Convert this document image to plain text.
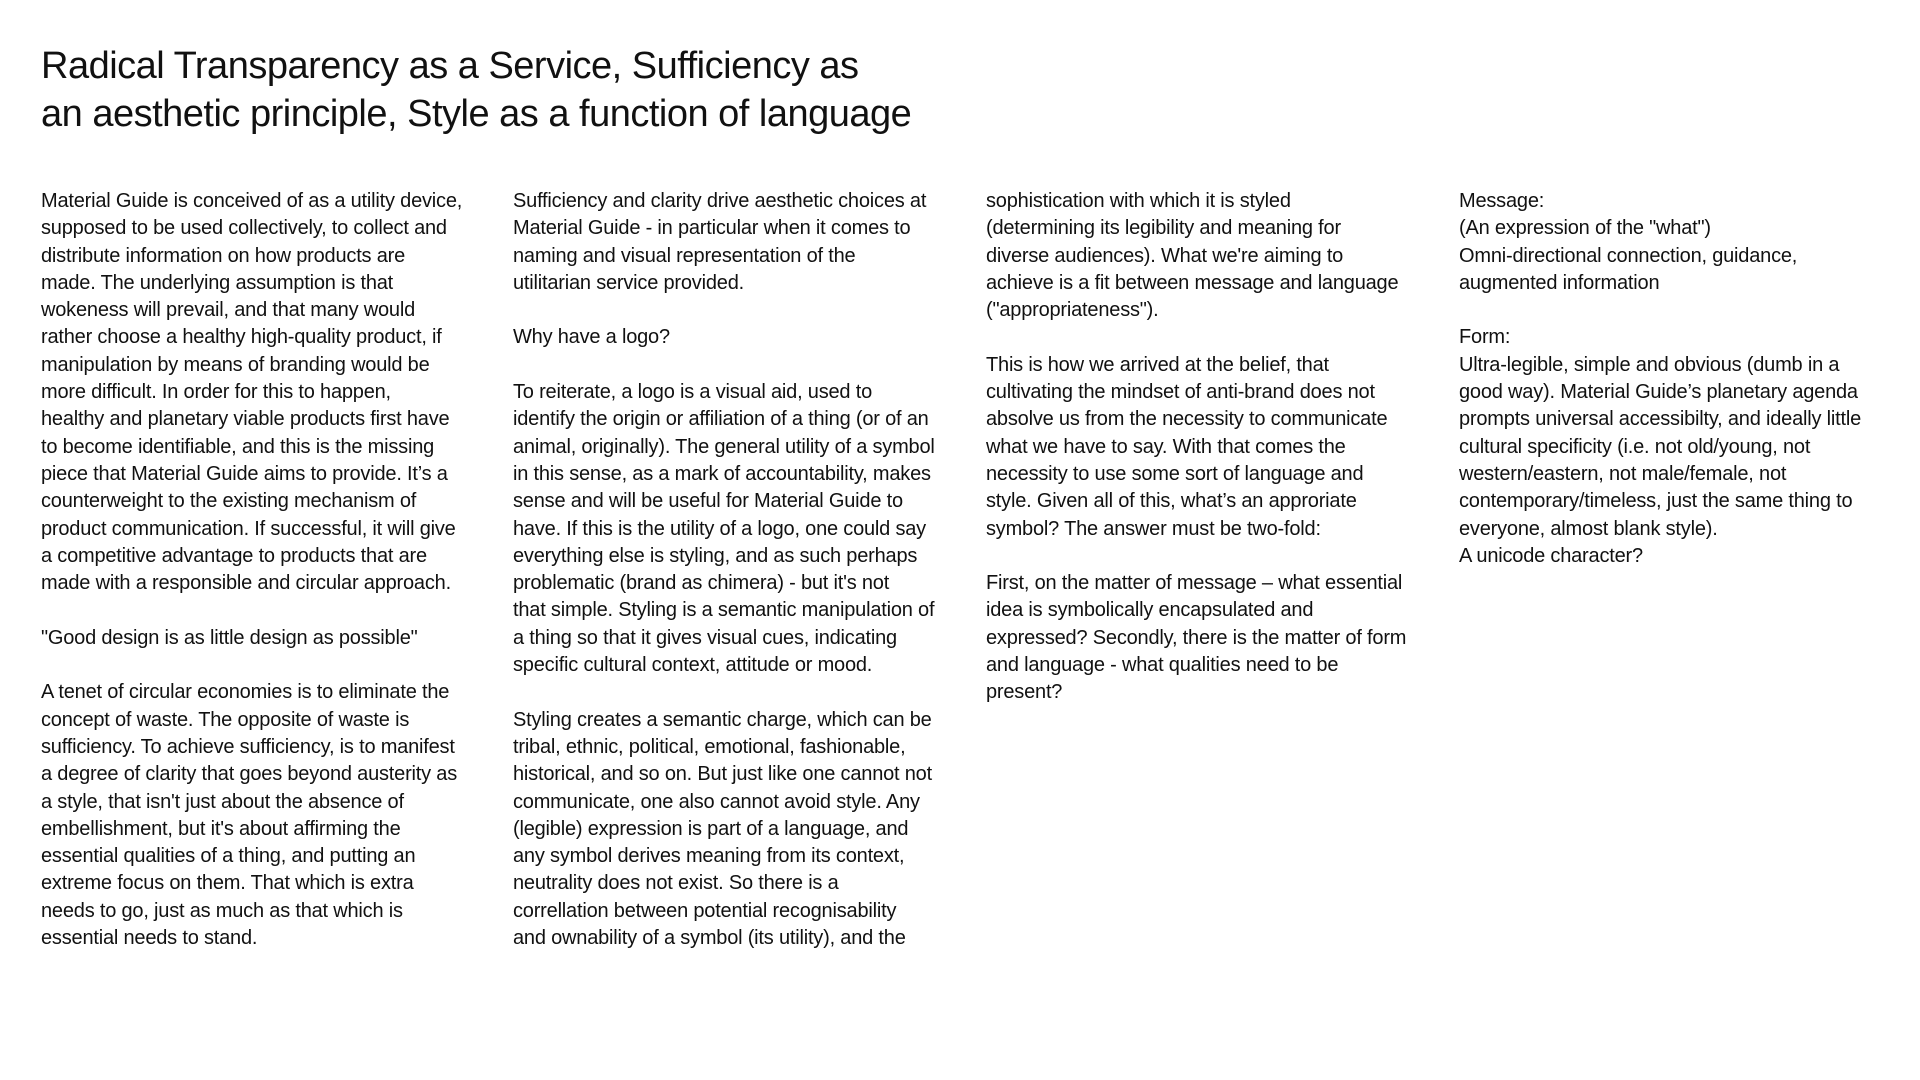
Radical Transparency as a Service, Sufficiency as
an aesthetic principle, Style as a function of language

Material Guide is conceived of as a utility device,
supposed to be used collectively, to collect and
distribute information on how products are
made. The underlying assumption is that
wokeness will prevail, and that many would
rather choose a healthy high-quality product, if
manipulation by means of branding would be
more difficult. In order for this to happen,
healthy and planetary viable products first have
to become identifiable, and this is the missing
piece that Material Guide aims to provide. It’s a
counterweight to the existing mechanism of
product communication. If successful, it will give
a competitive advantage to products that are
made with a responsible and circular approach.

"Good design is as little design as possible"

A tenet of circular economies is to eliminate the
concept of waste. The opposite of waste is
sufficiency. To achieve sufficiency, is to manifest
a degree of clarity that goes beyond austerity as
a style, that isn't just about the absence of
embellishment, but it's about affirming the
essential qualities of a thing, and putting an
extreme focus on them. That which is extra
needs to go, just as much as that which is
essential needs to stand.

Sufficiency and clarity drive aesthetic choices at
Material Guide - in particular when it comes to
naming and visual representation of the
utilitarian service provided.

Why have a logo?

To reiterate, a logo is a visual aid, used to
identify the origin or affiliation of a thing (or of an
animal, originally). The general utility of a symbol
in this sense, as a mark of accountability, makes
sense and will be useful for Material Guide to
have. If this is the utility of a logo, one could say
everything else is styling, and as such perhaps
problematic (brand as chimera) - but it's not
that simple. Styling is a semantic manipulation of
a thing so that it gives visual cues, indicating
specific cultural context, attitude or mood.

Styling creates a semantic charge, which can be
tribal, ethnic, political, emotional, fashionable,
historical, and so on. But just like one cannot not
communicate, one also cannot avoid style. Any
(legible) expression is part of a language, and
any symbol derives meaning from its context,
neutrality does not exist. So there is a
correllation between potential recognisability
and ownability of a symbol (its utility), and the

sophistication with which it is styled
(determining its legibility and meaning for
diverse audiences). What we're aiming to
achieve is a fit between message and language
("appropriateness").

This is how we arrived at the belief, that
cultivating the mindset of anti-brand does not
absolve us from the necessity to communicate
what we have to say. With that comes the
necessity to use some sort of language and
style. Given all of this, what’s an approriate
symbol? The answer must be two-fold:

First, on the matter of message – what essential
idea is symbolically encapsulated and
expressed? Secondly, there is the matter of form
and language - what qualities need to be
present?

Message:
(An expression of the "what")
Omni-directional connection, guidance,
augmented information

Form:
Ultra-legible, simple and obvious (dumb in a
good way). Material Guide’s planetary agenda
prompts universal accessibilty, and ideally little
cultural specificity (i.e. not old/young, not
western/eastern, not male/female, not
contemporary/timeless, just the same thing to
everyone, almost blank style).
A unicode character?
